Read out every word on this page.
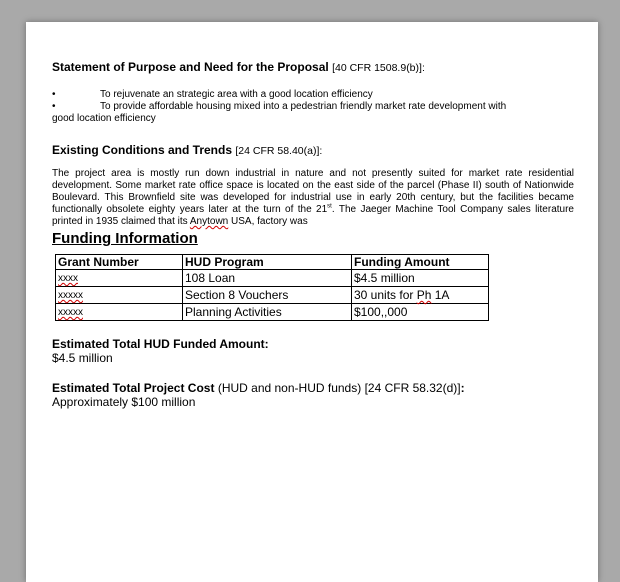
Statement of Purpose and Need for the Proposal [40 CFR 1508.9(b)]:
•	To rejuvenate an strategic area with a good location efficiency
•	To provide affordable housing mixed into a pedestrian friendly market rate development with
good location efficiency
Existing Conditions and Trends [24 CFR 58.40(a)]:
The project area is mostly run down industrial in nature and not presently suited for market rate residential development. Some market rate office space is located on the east side of the parcel (Phase II) south of Nationwide Boulevard. This Brownfield site was developed for industrial use in early 20th century, but the facilities became functionally obsolete eighty years later at the turn of the 21st. The Jaeger Machine Tool Company sales literature printed in 1935 claimed that its Anytown USA, factory was
Funding Information
Grant Number	HUD Program	Funding Amount
xxxx	108 Loan	$4.5 million
xxxxx	Section 8 Vouchers	30 units for Ph 1A
xxxxx	Planning Activities	$100,,000
Estimated Total HUD Funded Amount:
$4.5 million
Estimated Total Project Cost (HUD and non-HUD funds) [24 CFR 58.32(d)]:
Approximately $100 million
